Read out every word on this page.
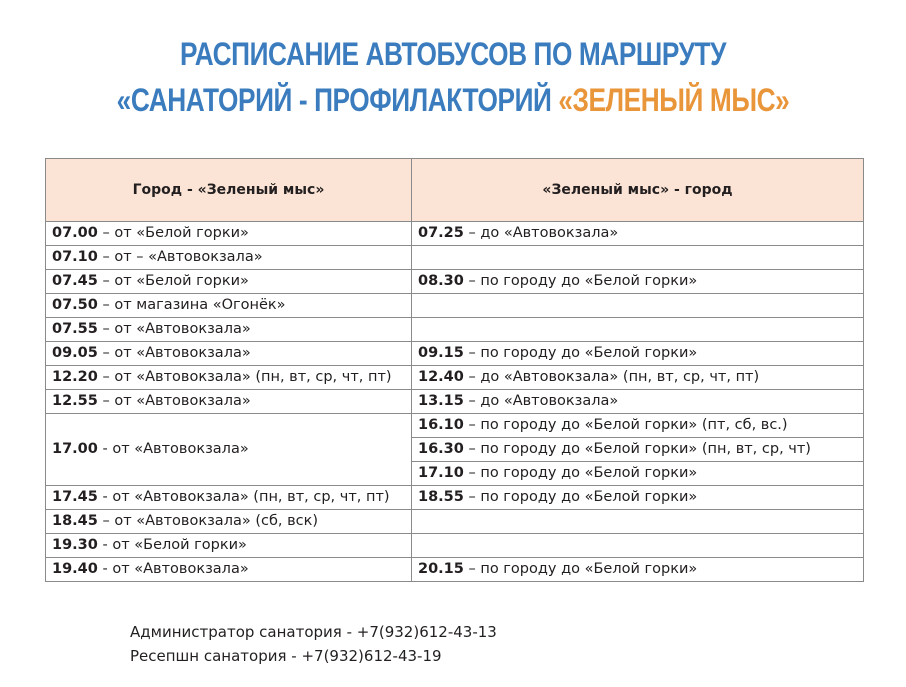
РАСПИСАНИЕ АВТОБУСОВ ПО МАРШРУТУ
«САНАТОРИЙ - ПРОФИЛАКТОРИЙ «ЗЕЛЕНЫЙ МЫС»
Город - «Зеленый мыс»	«Зеленый мыс» - город
07.00 – от «Белой горки»	07.25 – до «Автовокзала»
07.10 – от – «Автовокзала»	
07.45 – от «Белой горки»	08.30 – по городу до «Белой горки»
07.50 – от магазина «Огонёк»	
07.55 – от «Автовокзала»	
09.05 – от «Автовокзала»	09.15 – по городу до «Белой горки»
12.20 – от «Автовокзала» (пн, вт, ср, чт, пт)	12.40 – до «Автовокзала» (пн, вт, ср, чт, пт)
12.55 – от «Автовокзала»	13.15 – до «Автовокзала»
17.00 - от «Автовокзала»	16.10 – по городу до «Белой горки» (пт, сб, вс.)
	16.30 – по городу до «Белой горки» (пн, вт, ср, чт)
	17.10 – по городу до «Белой горки»
17.45 - от «Автовокзала» (пн, вт, ср, чт, пт)	18.55 – по городу до «Белой горки»
18.45 – от «Автовокзала» (сб, вск)	
19.30 - от «Белой горки»	
19.40 - от «Автовокзала»	20.15 – по городу до «Белой горки»
Администратор санатория - +7(932)612-43-13
Ресепшн санатория - +7(932)612-43-19
